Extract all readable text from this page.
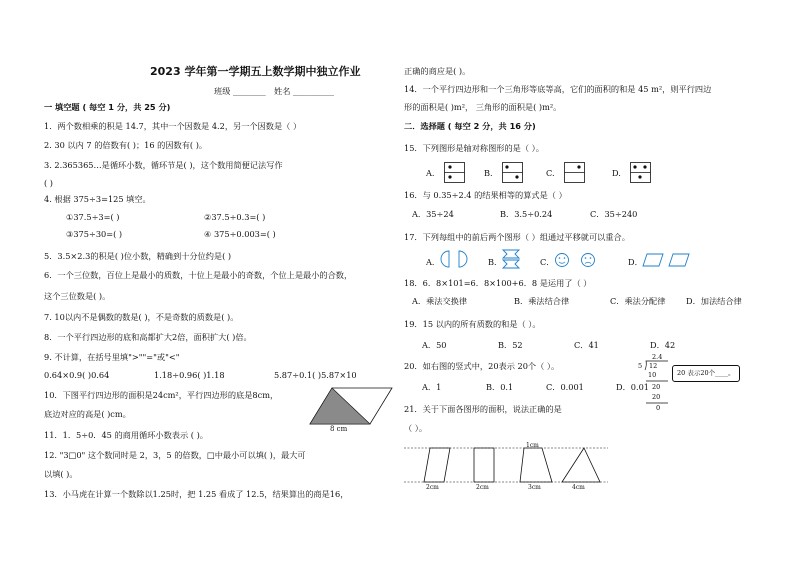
2023 学年第一学期五上数学期中独立作业
班级 ________ 姓名 __________
一 填空题 ( 每空 1 分，共 25 分)
1．两个数相乘的积是 14.7，其中一个因数是 4.2，另一个因数是（ ）
2. 30 以内 7 的倍数有( )；16 的因数有( )。
3. 2.365365…是循环小数，循环节是( )，这个数用简便记法写作
( )
4. 根据 375÷3=125 填空。
①37.5÷3=( )	②37.5÷0.3=( )
③375÷30=( )	④ 375÷0.003=( )
5．3.5×2.3的积是( )位小数，精确到十分位约是( )
6．一个三位数，百位上是最小的质数，十位上是最小的奇数，个位上是最小的合数，
这个三位数是( )。
7. 10以内不是偶数的数是( )，不是奇数的质数是( )。
8．一个平行四边形的底和高都扩大2倍，面积扩大( )倍。
9. 不计算，在括号里填">""="或"<"
0.64×0.9( )0.64	1.18÷0.96( )1.18	5.87÷0.1( )5.87×10
10．下图平行四边形的面积是24cm²，平行四边形的底是8cm，
底边对应的高是( )cm。
8 cm
11．1．5÷0．45 的商用循环小数表示 ( )。
12. "3□0" 这个数同时是 2，3，5 的倍数，□中最小可以填( )，最大可
以填( )。
13．小马虎在计算一个数除以1.25时，把 1.25 看成了 12.5，结果算出的商是16，
正确的商应是( )。
14．一个平行四边形和一个三角形等底等高，它们的面积的和是 45 m²，则平行四边
形的面积是( )m²， 三角形的面积是( )m²。
二．选择题 ( 每空 2 分，共 16 分)
15．下列图形是轴对称图形的是（ ）。
A.	B.	C.	D.
16．与 0.35÷2.4 的结果相等的算式是（ ）
A．35÷24	B．3.5÷0.24	C．35÷240
17．下列每组中的前后两个图形（ ）组通过平移就可以重合。
A．	B．	C．	D．
18．6．8×101=6．8×100+6．8 是运用了（ ）
A．乘法交换律	B．乘法结合律	C．乘法分配律	D．加法结合律
19．15 以内的所有质数的和是（ ）。
A．50	B．52	C．41	D．42
20．如右图的竖式中，20表示 20个（ ）。
A．1	B．0.1	C．0.001	D．0.01
2.4
5 12
10
20
20
0
20 表示20个____。
21．关于下面各图形的面积，说法正确的是
（ ）。
1cm
2cm	2cm	3cm	4cm
